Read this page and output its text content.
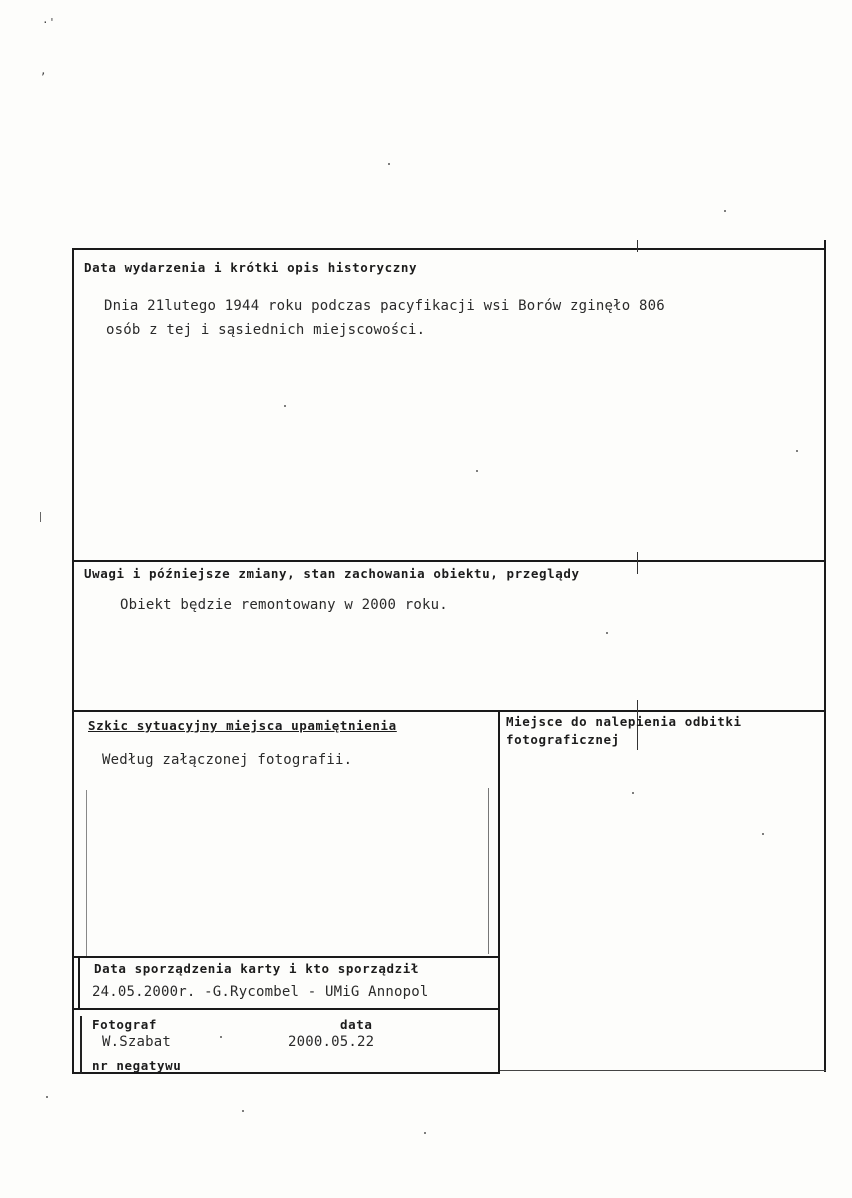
·'
,
Data wydarzenia i krótki opis historyczny
Dnia 21lutego 1944 roku podczas pacyfikacji wsi Borów zginęło 806
osób z tej i sąsiednich miejscowości.
Uwagi i późniejsze zmiany, stan zachowania obiektu, przeglądy
Obiekt będzie remontowany w 2000 roku.
Szkic sytuacyjny miejsca upamiętnienia
Według załączonej fotografii.
Miejsce do nalepienia odbitki
fotograficznej
Data sporządzenia karty i kto sporządził
24.05.2000r. -G.Rycombel - UMiG Annopol
Fotograf
W.Szabat
data
2000.05.22
nr negatywu
